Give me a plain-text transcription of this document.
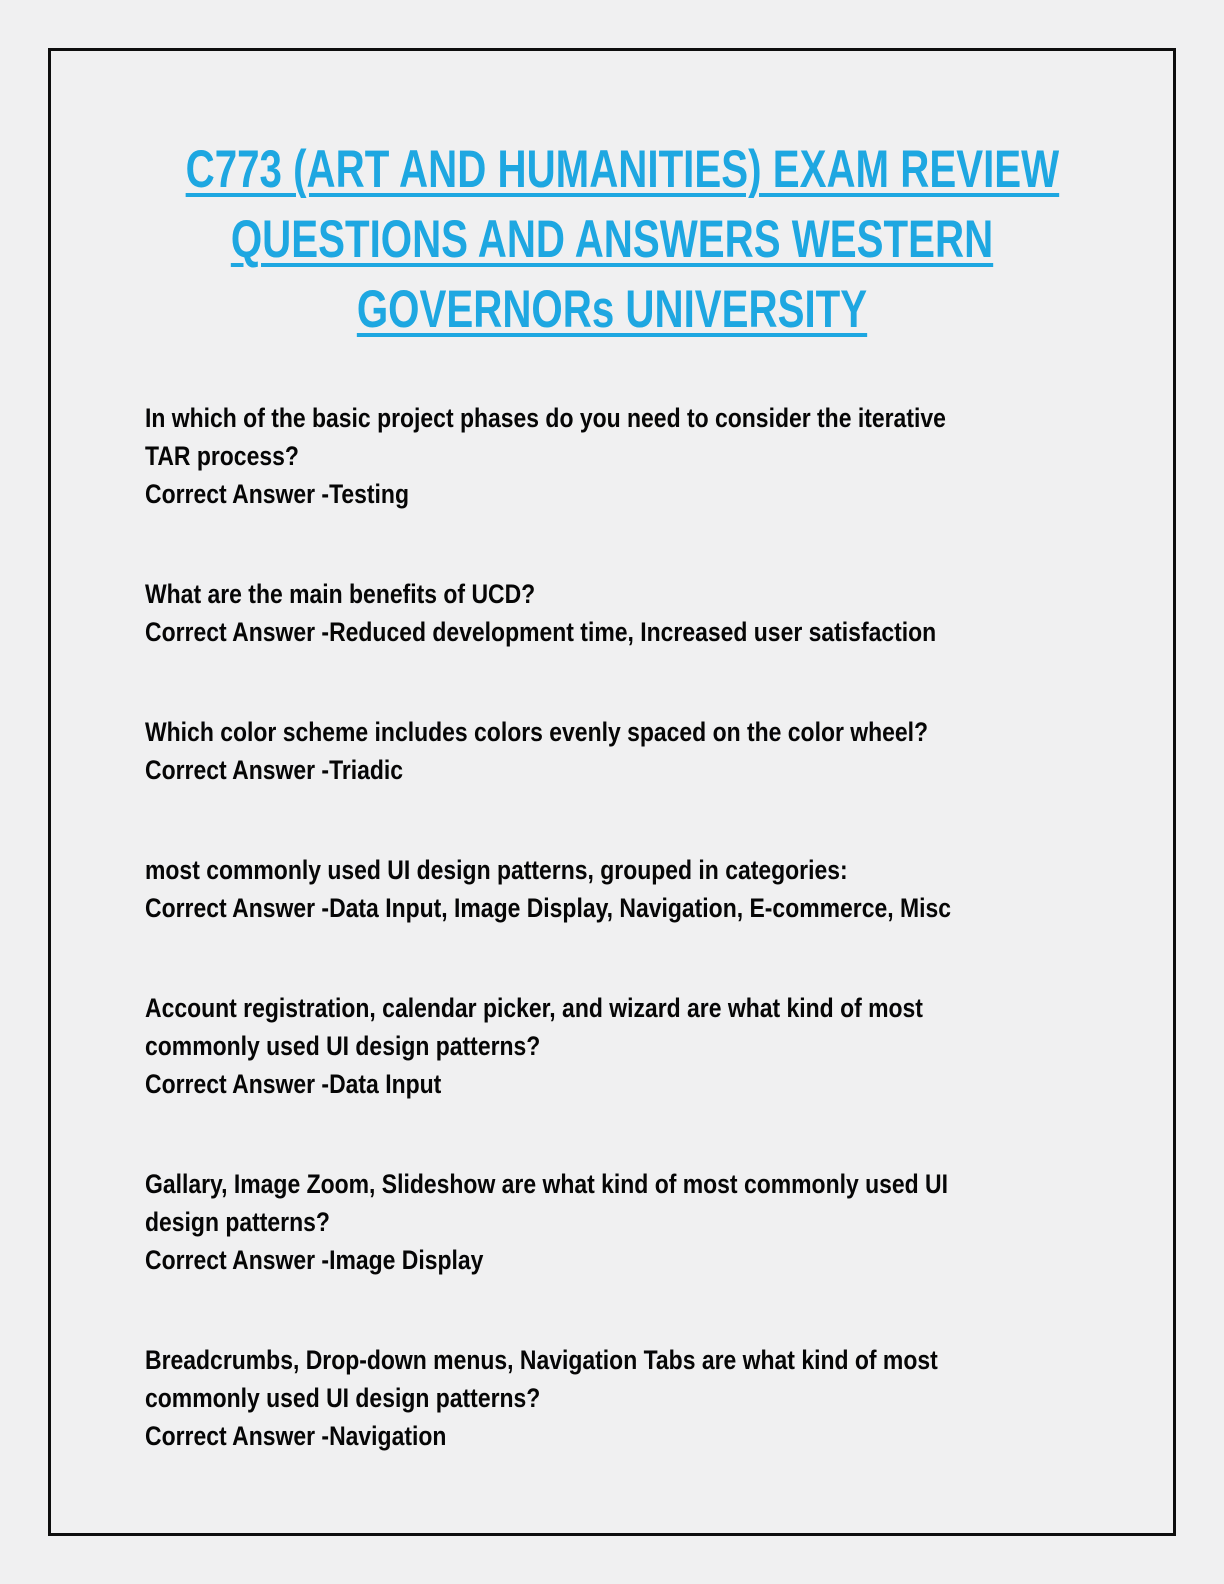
C773 (ART AND HUMANITIES) EXAM REVIEW
QUESTIONS AND ANSWERS WESTERN
GOVERNORs UNIVERSITY

In which of the basic project phases do you need to consider the iterative
TAR process?

Correct Answer -Testing

What are the main benefits of UCD?

Correct Answer -Reduced development time, Increased user satisfaction

Which color scheme includes colors evenly spaced on the color wheel?

Correct Answer -Triadic

most commonly used UI design patterns, grouped in categories:

Correct Answer -Data Input, Image Display, Navigation, E-commerce, Misc

Account registration, calendar picker, and wizard are what kind of most
commonly used UI design patterns?

Correct Answer -Data Input

Gallary, Image Zoom, Slideshow are what kind of most commonly used UI
design patterns?

Correct Answer -Image Display

Breadcrumbs, Drop-down menus, Navigation Tabs are what kind of most
commonly used UI design patterns?

Correct Answer -Navigation
